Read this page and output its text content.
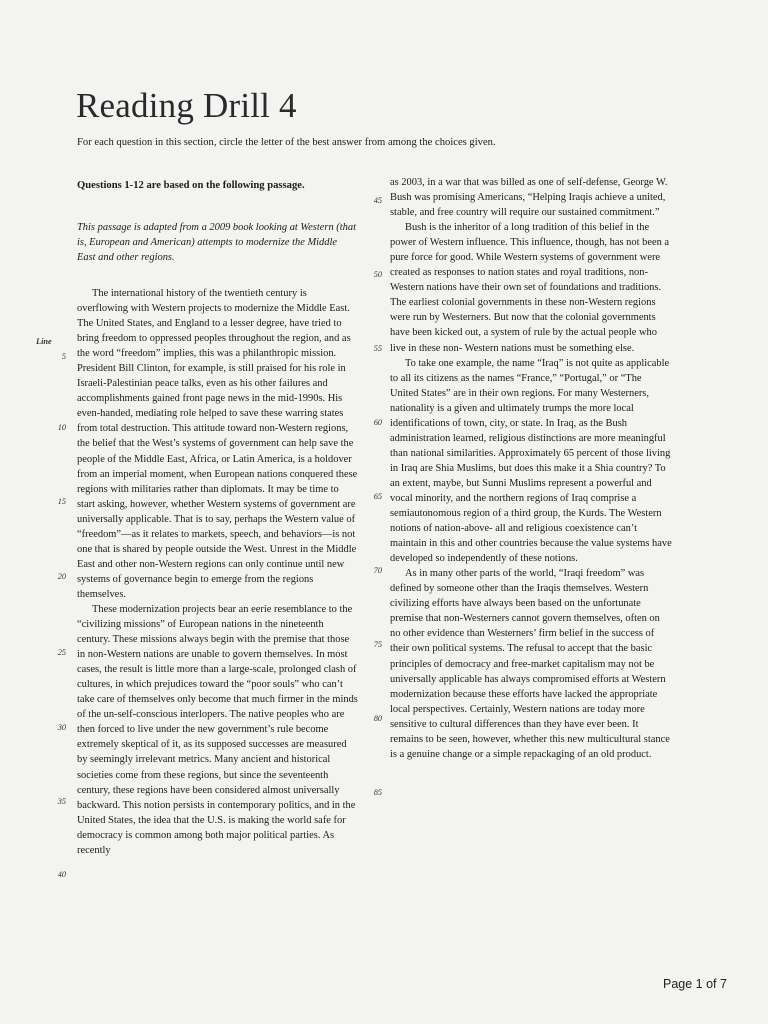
Reading Drill 4
For each question in this section, circle the letter of the best answer from among the choices given.
Questions 1-12 are based on the following passage.
This passage is adapted from a 2009 book looking at Western (that is, European and American) attempts to modernize the Middle East and other regions.

The international history of the twentieth century is overflowing with Western projects to modernize the Middle East. The United States, and England to a lesser degree, have tried to bring freedom to oppressed peoples throughout the region, and as the word “freedom” implies, this was a philanthropic mission. President Bill Clinton, for example, is still praised for his role in Israeli-Palestinian peace talks, even as his other failures and accomplishments gained front page news in the mid-1990s. His even-handed, mediating role helped to save these warring states from total destruction. This attitude toward non-Western regions, the belief that the West’s systems of government can help save the people of the Middle East, Africa, or Latin America, is a holdover from an imperial moment, when European nations conquered these regions with militaries rather than diplomats. It may be time to start asking, however, whether Western systems of government are universally applicable. That is to say, perhaps the Western value of “freedom”—as it relates to markets, speech, and behaviors—is not one that is shared by people outside the West. Unrest in the Middle East and other non-Western regions can only continue until new systems of governance begin to emerge from the regions themselves.

These modernization projects bear an eerie resemblance to the “civilizing missions” of European nations in the nineteenth century. These missions always begin with the premise that those in non-Western nations are unable to govern themselves. In most cases, the result is little more than a large-scale, prolonged clash of cultures, in which prejudices toward the “poor souls” who can’t take care of themselves only become that much firmer in the minds of the un-self-conscious interlopers. The native peoples who are then forced to live under the new government’s rule become extremely skeptical of it, as its supposed successes are measured by seemingly irrelevant metrics. Many ancient and historical societies come from these regions, but since the seventeenth century, these regions have been considered almost universally backward. This notion persists in contemporary politics, and in the United States, the idea that the U.S. is making the world safe for democracy is common among both major political parties. As recently

as 2003, in a war that was billed as one of self-defense, George W. Bush was promising Americans, “Helping Iraqis achieve a united, stable, and free country will require our sustained commitment.”

Bush is the inheritor of a long tradition of this belief in the power of Western influence. This influence, though, has not been a pure force for good. While Western systems of government were created as responses to nation states and royal traditions, non-Western nations have their own set of foundations and traditions. The earliest colonial governments in these non-Western regions were run by Westerners. But now that the colonial governments have been kicked out, a system of rule by the actual people who live in these non- Western nations must be something else.

To take one example, the name “Iraq” is not quite as applicable to all its citizens as the names “France,” “Portugal,” or “The United States” are in their own regions. For many Westerners, nationality is a given and ultimately trumps the more local identifications of town, city, or state. In Iraq, as the Bush administration learned, religious distinctions are more meaningful than national similarities. Approximately 65 percent of those living in Iraq are Shia Muslims, but does this make it a Shia country? To an extent, maybe, but Sunni Muslims represent a powerful and vocal minority, and the northern regions of Iraq comprise a semiautonomous region of a third group, the Kurds. The Western notions of nation-above- all and religious coexistence can’t maintain in this and other countries because the value systems have developed so independently of these notions.

As in many other parts of the world, “Iraqi freedom” was defined by someone other than the Iraqis themselves. Western civilizing efforts have always been based on the unfortunate premise that non-Westerners cannot govern themselves, often on no other evidence than Westerners’ firm belief in the success of their own political systems. The refusal to accept that the basic principles of democracy and free-market capitalism may not be universally applicable has always compromised efforts at Western modernization because these efforts have lacked the appropriate local perspectives. Certainly, Western nations are today more sensitive to cultural differences than they have ever been. It remains to be seen, however, whether this new multicultural stance is a genuine change or a simple repackaging of an old product.

Line
5
10
15
20
25
30
35
40
45
50
55
60
65
70
75
80
85
Page 1 of 7
